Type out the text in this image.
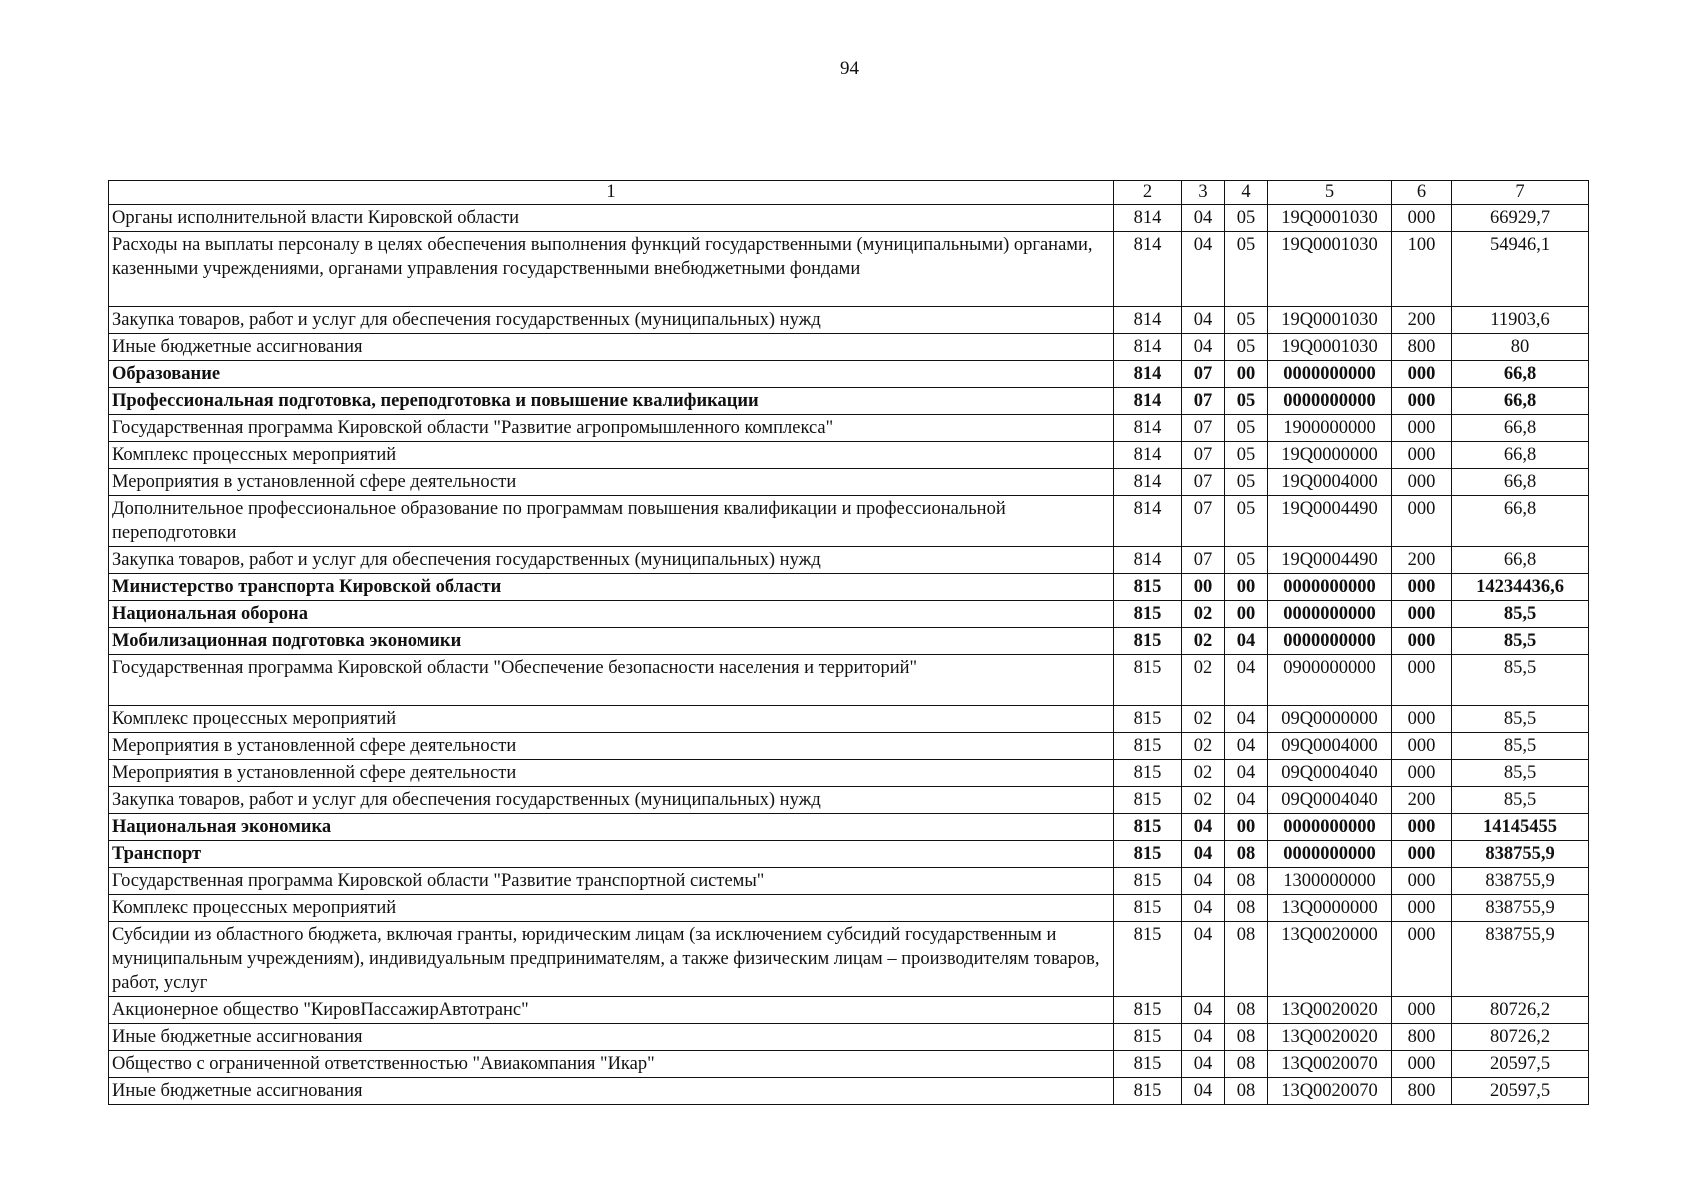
94
1	2	3	4	5	6	7
Органы исполнительной власти Кировской области	814	04	05	19Q0001030	000	66929,7
Расходы на выплаты персоналу в целях обеспечения выполнения функций государственными (муниципальными) органами, казенными учреждениями, органами управления государственными внебюджетными фондами	814	04	05	19Q0001030	100	54946,1
Закупка товаров, работ и услуг для обеспечения государственных (муниципальных) нужд	814	04	05	19Q0001030	200	11903,6
Иные бюджетные ассигнования	814	04	05	19Q0001030	800	80
Образование	814	07	00	0000000000	000	66,8
Профессиональная подготовка, переподготовка и повышение квалификации	814	07	05	0000000000	000	66,8
Государственная программа Кировской области "Развитие агропромышленного комплекса"	814	07	05	1900000000	000	66,8
Комплекс процессных мероприятий	814	07	05	19Q0000000	000	66,8
Мероприятия в установленной сфере деятельности	814	07	05	19Q0004000	000	66,8
Дополнительное профессиональное образование по программам повышения квалификации и профессиональной переподготовки	814	07	05	19Q0004490	000	66,8
Закупка товаров, работ и услуг для обеспечения государственных (муниципальных) нужд	814	07	05	19Q0004490	200	66,8
Министерство транспорта Кировской области	815	00	00	0000000000	000	14234436,6
Национальная оборона	815	02	00	0000000000	000	85,5
Мобилизационная подготовка экономики	815	02	04	0000000000	000	85,5
Государственная программа Кировской области "Обеспечение безопасности населения и территорий"	815	02	04	0900000000	000	85,5
Комплекс процессных мероприятий	815	02	04	09Q0000000	000	85,5
Мероприятия в установленной сфере деятельности	815	02	04	09Q0004000	000	85,5
Мероприятия в установленной сфере деятельности	815	02	04	09Q0004040	000	85,5
Закупка товаров, работ и услуг для обеспечения государственных (муниципальных) нужд	815	02	04	09Q0004040	200	85,5
Национальная экономика	815	04	00	0000000000	000	14145455
Транспорт	815	04	08	0000000000	000	838755,9
Государственная программа Кировской области "Развитие транспортной системы"	815	04	08	1300000000	000	838755,9
Комплекс процессных мероприятий	815	04	08	13Q0000000	000	838755,9
Субсидии из областного бюджета, включая гранты, юридическим лицам (за исключением субсидий государственным и муниципальным учреждениям), индивидуальным предпринимателям, а также физическим лицам – производителям товаров, работ, услуг	815	04	08	13Q0020000	000	838755,9
Акционерное общество "КировПассажирАвтотранс"	815	04	08	13Q0020020	000	80726,2
Иные бюджетные ассигнования	815	04	08	13Q0020020	800	80726,2
Общество с ограниченной ответственностью "Авиакомпания "Икар"	815	04	08	13Q0020070	000	20597,5
Иные бюджетные ассигнования	815	04	08	13Q0020070	800	20597,5
